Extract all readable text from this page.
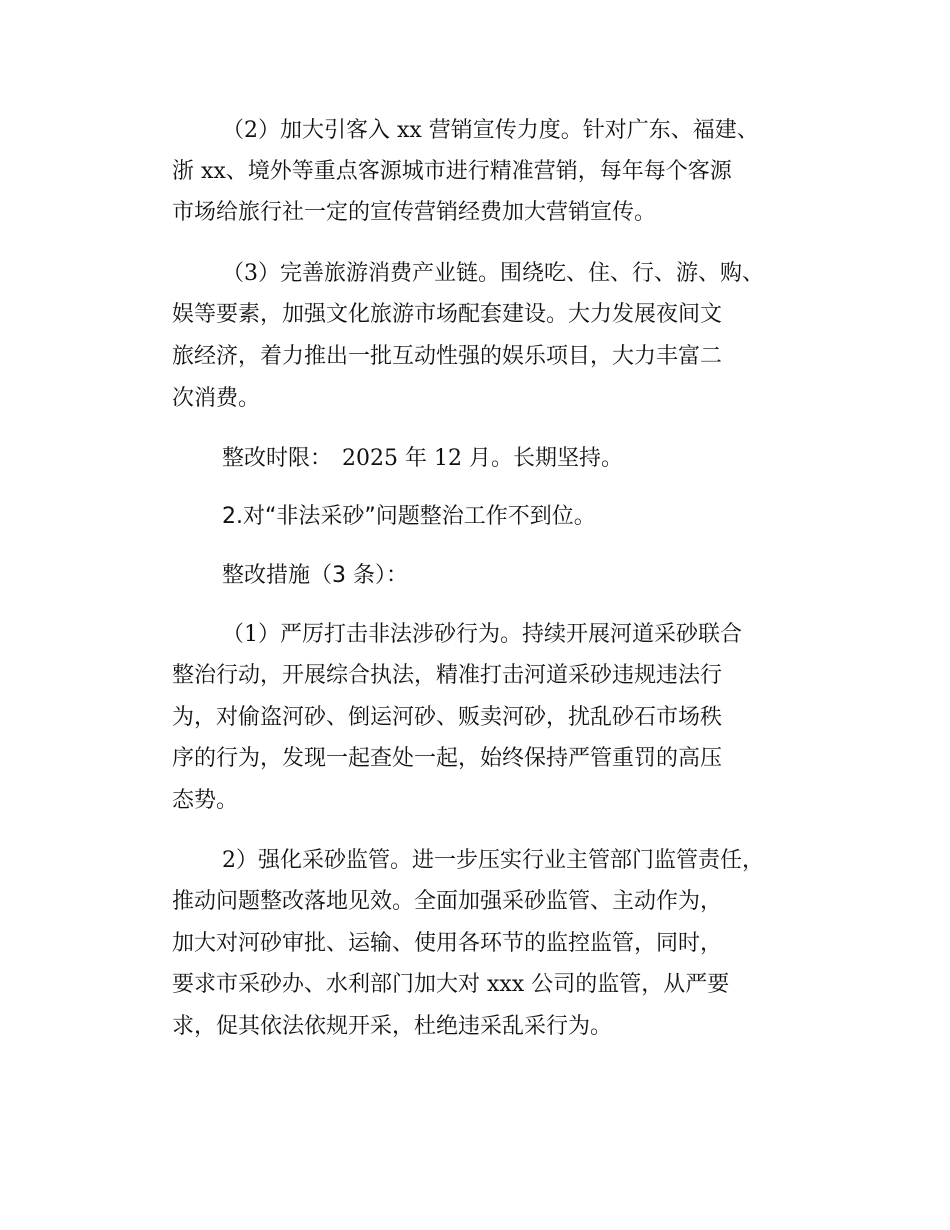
（2）加大引客入 xx 营销宣传力度。针对广东、福建、
浙 xx、境外等重点客源城市进行精准营销，每年每个客源
市场给旅行社一定的宣传营销经费加大营销宣传。
（3）完善旅游消费产业链。围绕吃、住、行、游、购、
娱等要素，加强文化旅游市场配套建设。大力发展夜间文
旅经济，着力推出一批互动性强的娱乐项目，大力丰富二
次消费。
整改时限： 2025 年 12 月。长期坚持。
2.对“非法采砂”问题整治工作不到位。
整改措施（3 条）：
（1）严厉打击非法涉砂行为。持续开展河道采砂联合
整治行动，开展综合执法，精准打击河道采砂违规违法行
为，对偷盗河砂、倒运河砂、贩卖河砂，扰乱砂石市场秩
序的行为，发现一起查处一起，始终保持严管重罚的高压
态势。
2）强化采砂监管。进一步压实行业主管部门监管责任，
推动问题整改落地见效。全面加强采砂监管、主动作为，
加大对河砂审批、运输、使用各环节的监控监管，同时，
要求市采砂办、水利部门加大对 xxx 公司的监管，从严要
求，促其依法依规开采，杜绝违采乱采行为。
